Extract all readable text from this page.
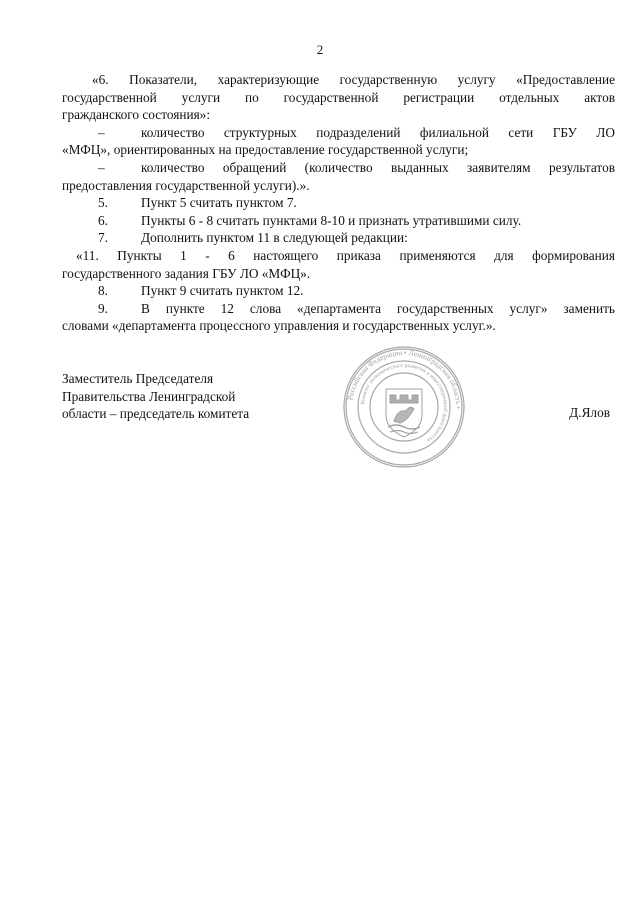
2
«6. Показатели, характеризующие государственную услугу «Предоставление
государственной услуги по государственной регистрации отдельных актов
гражданского состояния»:
–	количество структурных подразделений филиальной сети ГБУ ЛО
«МФЦ», ориентированных на предоставление государственной услуги;
–	количество обращений (количество выданных заявителям результатов
предоставления государственной услуги).».
5.	Пункт 5 считать пунктом 7.
6.	Пункты 6 - 8 считать пунктами 8-10 и признать утратившими силу.
7.	Дополнить пунктом 11 в следующей редакции:
«11. Пункты 1 - 6 настоящего приказа применяются для формирования
государственного задания ГБУ ЛО «МФЦ».
8.	Пункт 9 считать пунктом 12.
9.	В пункте 12 слова «департамента государственных услуг» заменить
словами «департамента процессного управления и государственных услуг.».
Заместитель Председателя
Правительства Ленинградской
области – председатель комитета	Д.Ялов
Российская Федерация • Ленинградская область •
Комитет экономического развития и инвестиционной деятельности
